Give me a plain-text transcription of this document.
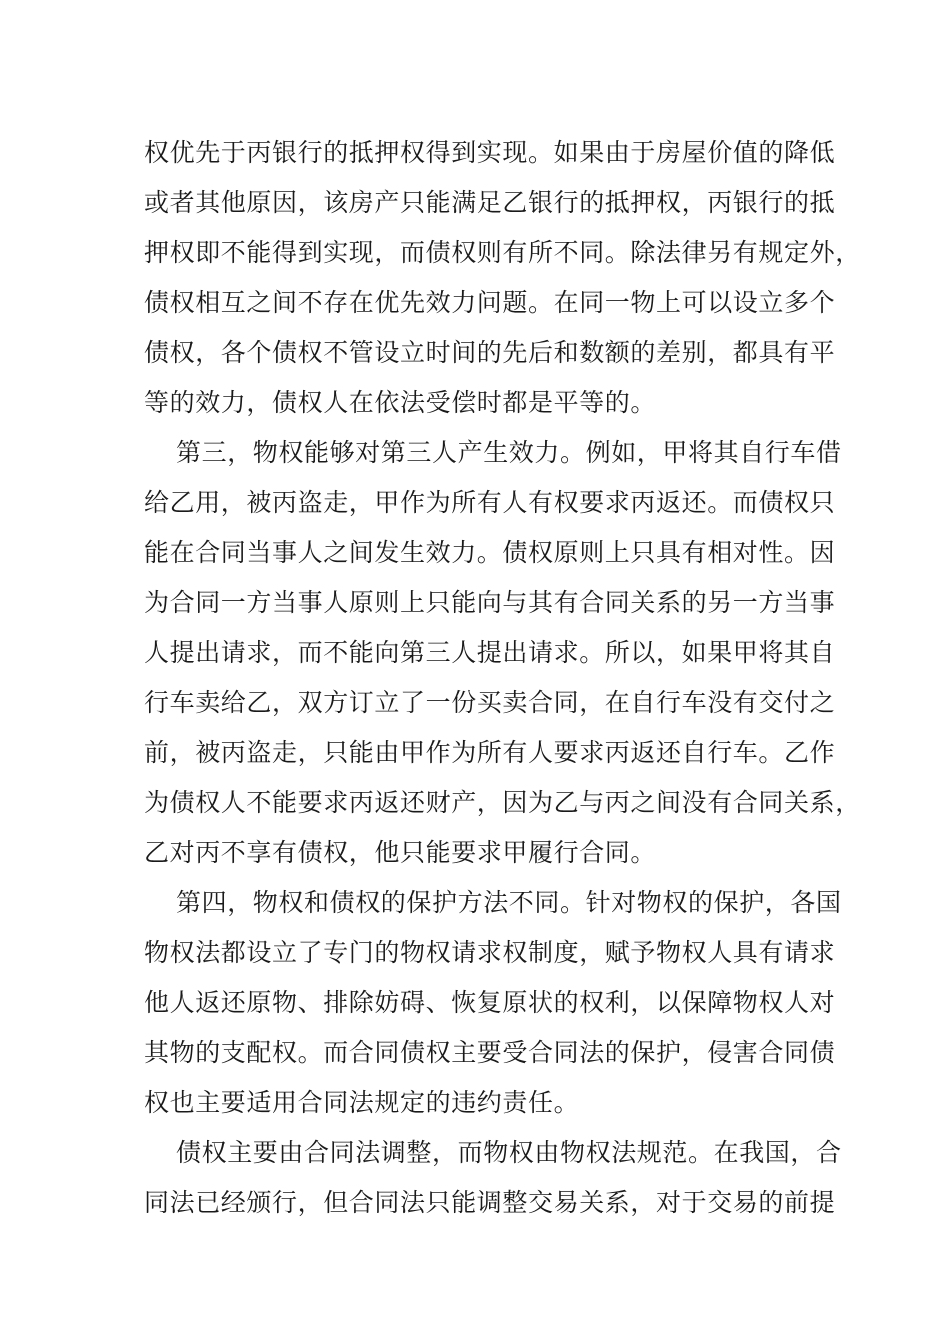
权优先于丙银行的抵押权得到实现。如果由于房屋价值的降低
或者其他原因，该房产只能满足乙银行的抵押权，丙银行的抵
押权即不能得到实现，而债权则有所不同。除法律另有规定外，
债权相互之间不存在优先效力问题。在同一物上可以设立多个
债权，各个债权不管设立时间的先后和数额的差别，都具有平
等的效力，债权人在依法受偿时都是平等的。
第三，物权能够对第三人产生效力。例如，甲将其自行车借
给乙用，被丙盗走，甲作为所有人有权要求丙返还。而债权只
能在合同当事人之间发生效力。债权原则上只具有相对性。因
为合同一方当事人原则上只能向与其有合同关系的另一方当事
人提出请求，而不能向第三人提出请求。所以，如果甲将其自
行车卖给乙，双方订立了一份买卖合同，在自行车没有交付之
前，被丙盗走，只能由甲作为所有人要求丙返还自行车。乙作
为债权人不能要求丙返还财产，因为乙与丙之间没有合同关系，
乙对丙不享有债权，他只能要求甲履行合同。
第四，物权和债权的保护方法不同。针对物权的保护，各国
物权法都设立了专门的物权请求权制度，赋予物权人具有请求
他人返还原物、排除妨碍、恢复原状的权利，以保障物权人对
其物的支配权。而合同债权主要受合同法的保护，侵害合同债
权也主要适用合同法规定的违约责任。
债权主要由合同法调整，而物权由物权法规范。在我国，合
同法已经颁行，但合同法只能调整交易关系，对于交易的前提
